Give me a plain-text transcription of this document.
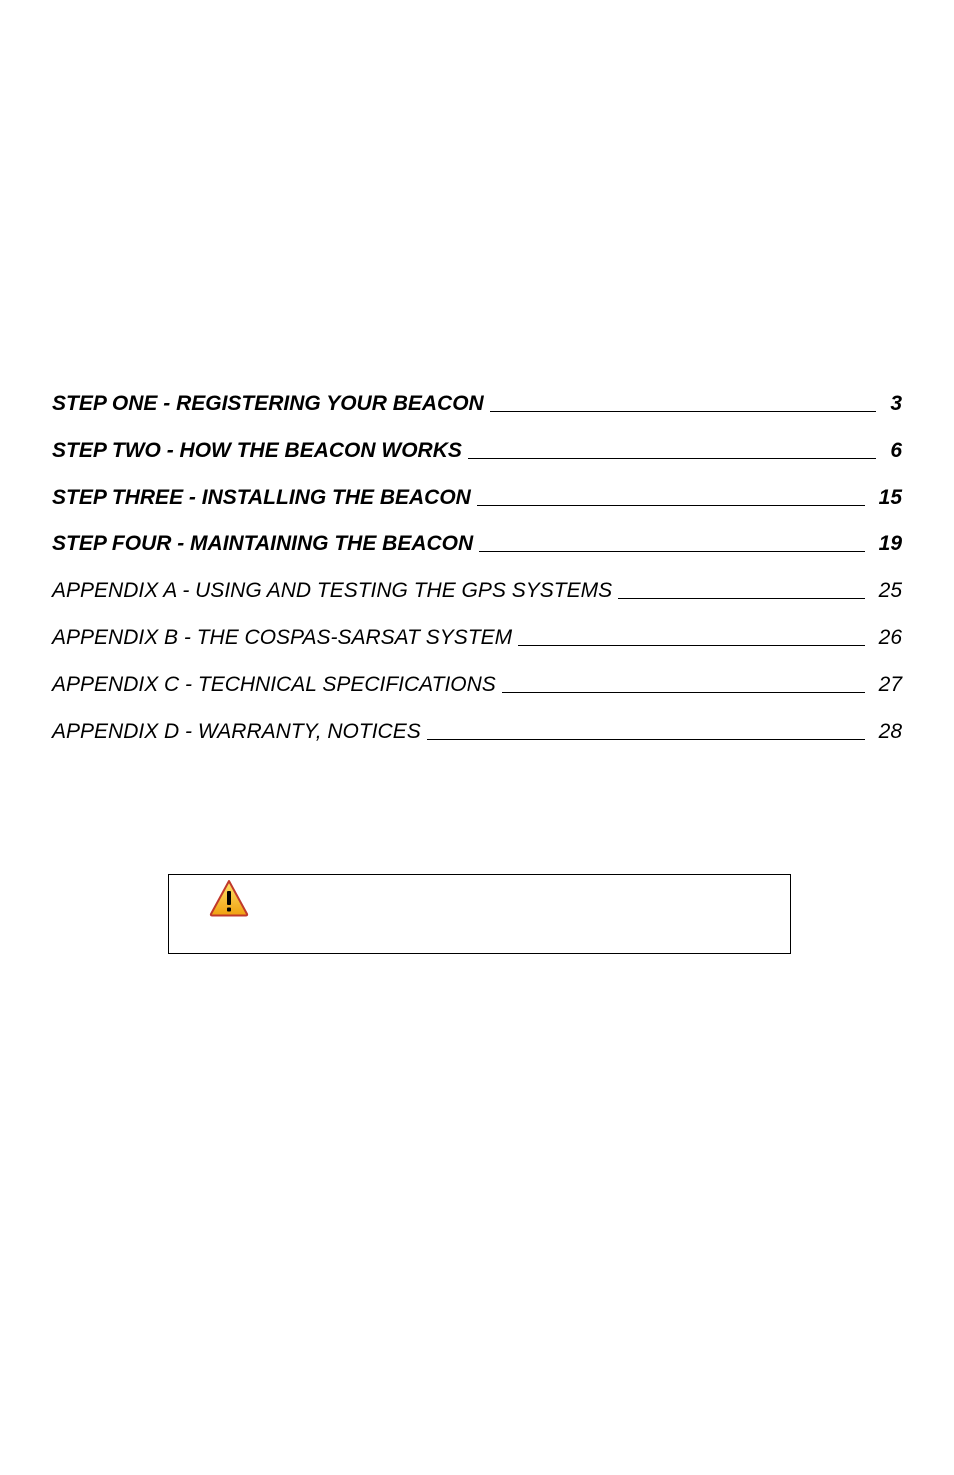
STEP ONE - REGISTERING YOUR BEACON	3
STEP TWO - HOW THE BEACON WORKS	6
STEP THREE - INSTALLING THE BEACON	15
STEP FOUR - MAINTAINING THE BEACON	19
APPENDIX A - USING AND TESTING THE GPS SYSTEMS	25
APPENDIX B - THE COSPAS-SARSAT SYSTEM	26
APPENDIX C - TECHNICAL SPECIFICATIONS	27
APPENDIX D - WARRANTY, NOTICES	28
